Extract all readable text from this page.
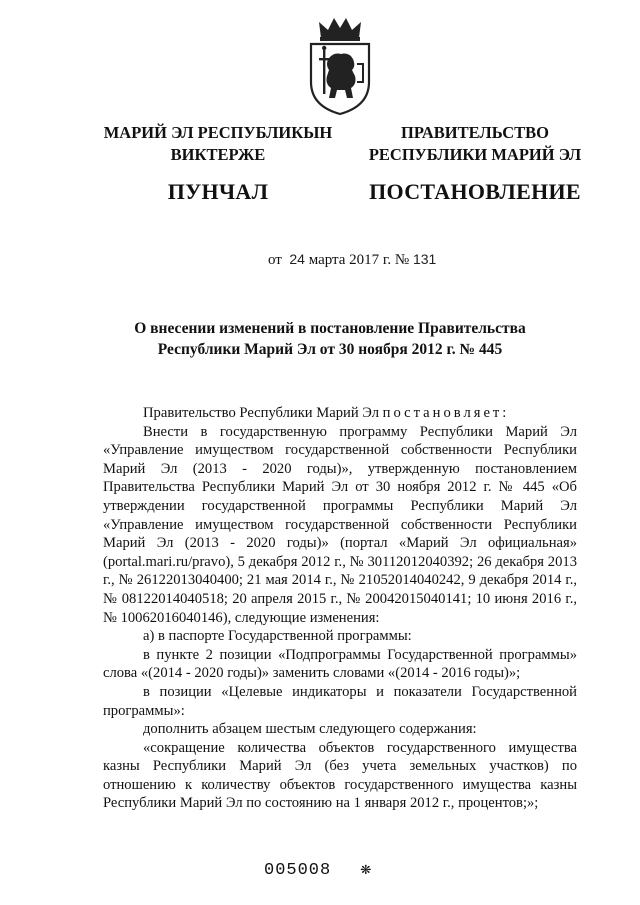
МАРИЙ ЭЛ РЕСПУБЛИКЫН
ВИКТЕРЖЕ
ПУНЧАЛ
ПРАВИТЕЛЬСТВО
РЕСПУБЛИКИ МАРИЙ ЭЛ
ПОСТАНОВЛЕНИЕ
от 24 марта 2017 г. № 131
О внесении изменений в постановление Правительства
Республики Марий Эл от 30 ноября 2012 г. № 445

Правительство Республики Марий Эл постановляет:

Внести в государственную программу Республики Марий Эл «Управление имуществом государственной собственности Республики Марий Эл (2013 - 2020 годы)», утвержденную постановлением Правительства Республики Марий Эл от 30 ноября 2012 г. № 445 «Об утверждении государственной программы Республики Марий Эл «Управление имуществом государственной собственности Республики Марий Эл (2013 - 2020 годы)» (портал «Марий Эл официальная» (portal.mari.ru/pravo), 5 декабря 2012 г., № 30112012040392; 26 декабря 2013 г., № 26122013040400; 21 мая 2014 г., № 21052014040242, 9 декабря 2014 г., № 08122014040518; 20 апреля 2015 г., № 20042015040141; 10 июня 2016 г., № 10062016040146), следующие изменения:

а) в паспорте Государственной программы:

в пункте 2 позиции «Подпрограммы Государственной программы» слова «(2014 - 2020 годы)» заменить словами «(2014 - 2016 годы)»;

в позиции «Целевые индикаторы и показатели Государственной программы»:

дополнить абзацем шестым следующего содержания:

«сокращение количества объектов государственного имущества казны Республики Марий Эл (без учета земельных участков) по отношению к количеству объектов государственного имущества казны Республики Марий Эл по состоянию на 1 января 2012 г., процентов;»;

005008 ❋
